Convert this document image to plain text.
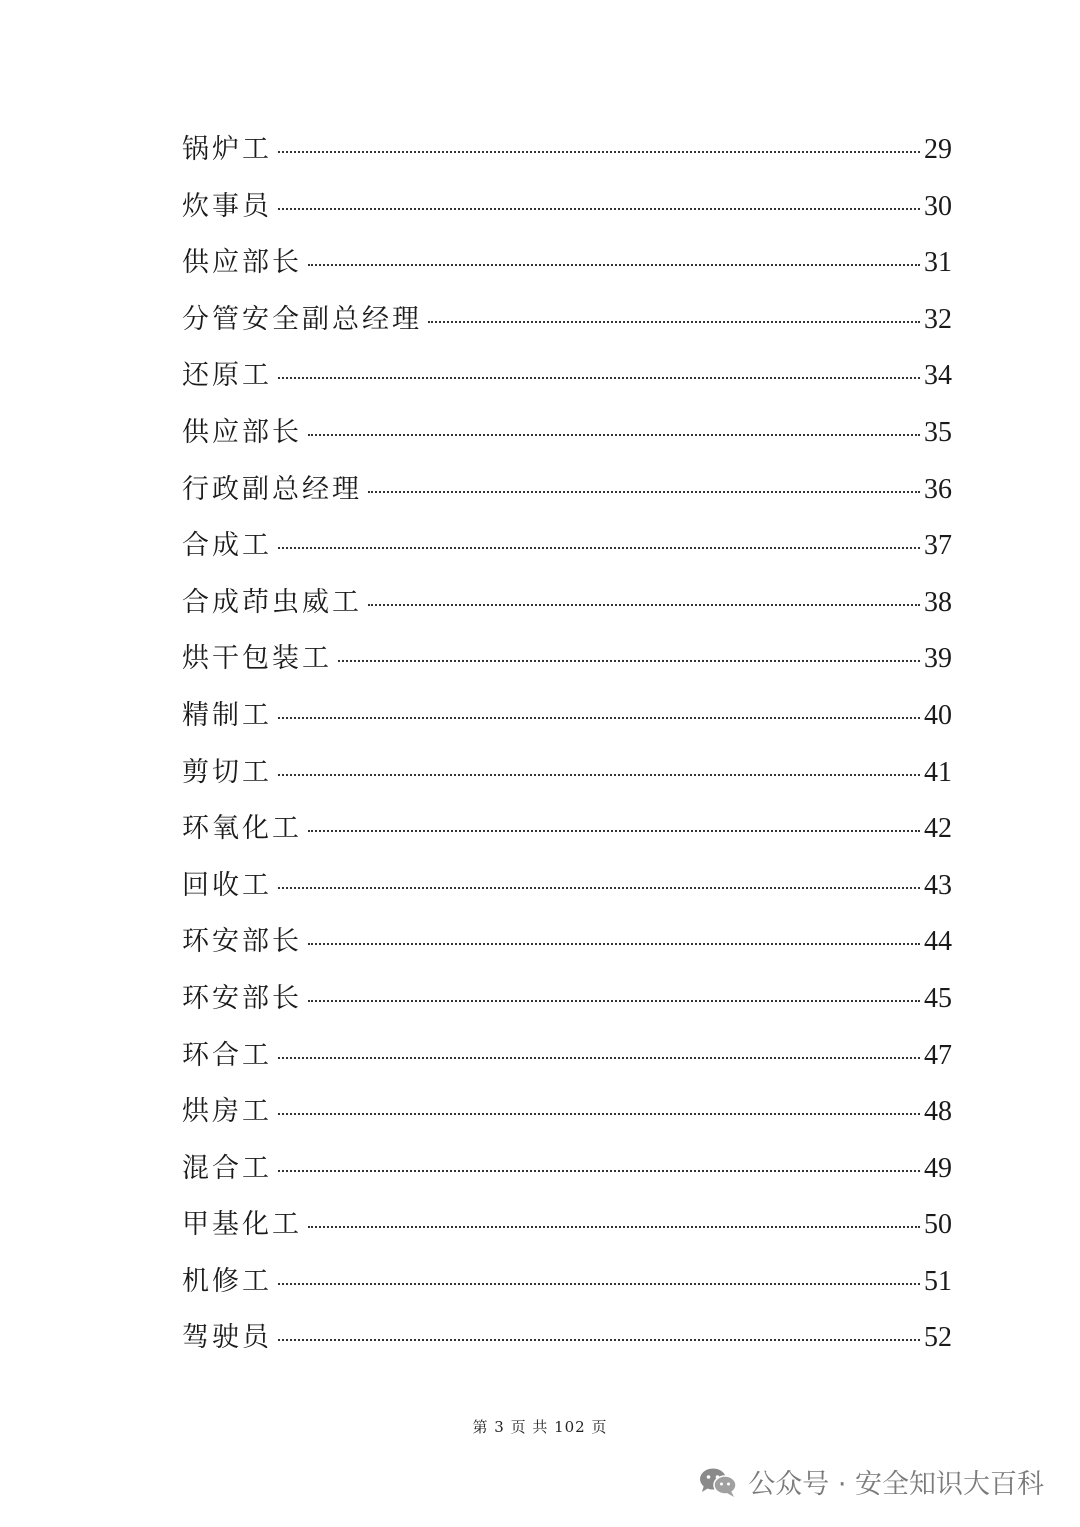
锅炉工	29
炊事员	30
供应部长	31
分管安全副总经理	32
还原工	34
供应部长	35
行政副总经理	36
合成工	37
合成茚虫威工	38
烘干包装工	39
精制工	40
剪切工	41
环氧化工	42
回收工	43
环安部长	44
环安部长	45
环合工	47
烘房工	48
混合工	49
甲基化工	50
机修工	51
驾驶员	52
第 3 页 共 102 页
公众号 · 安全知识大百科
